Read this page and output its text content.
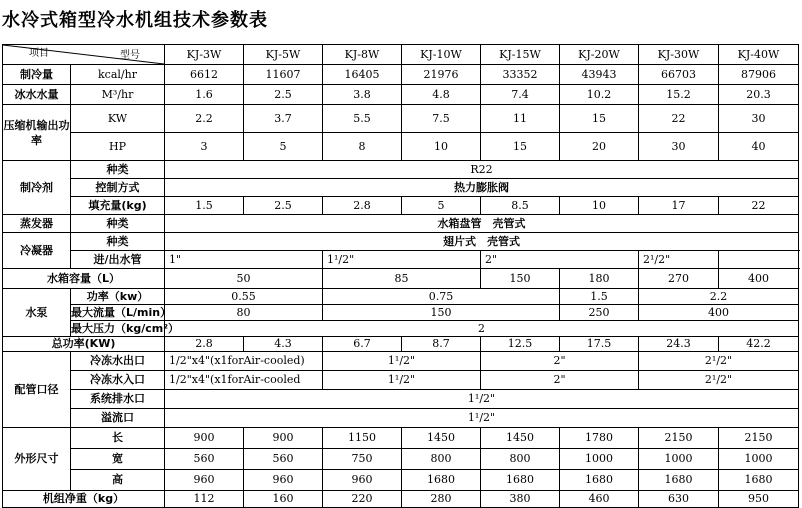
水冷式箱型冷水机组技术参数表
项目 型号		KJ-3W	KJ-5W	KJ-8W	KJ-10W	KJ-15W	KJ-20W	KJ-30W	KJ-40W	
制冷量	kcal/hr	6612	11607	16405	21976	33352	43943	66703	87906	
冰水水量	M³/hr	1.6	2.5	3.8	4.8	7.4	10.2	15.2	20.3	
压缩机输出功率	KW	2.2	3.7	5.5	7.5	11	15	22	30	
	HP	3	5	8	10	15	20	30	40	
制冷剂	种类	R22								
	控制方式	热力膨胀阀								
	填充量(kg)	1.5	2.5	2.8	5	8.5	10	17	22	
蒸发器	种类	水箱盘管　壳管式								
冷凝器	种类	翅片式　壳管式								
	进/出水管	1"		1¹/2"		2"		2¹/2"		
水箱容量（L）		50		85		150	180	270	400	
水泵	功率（kw）	0.55		0.75			1.5	2.2	
	最大流量（L/min）	80		150			250	400	
	最大压力（kg/cm²）	2								
总功率(KW)		2.8	4.3	6.7	8.7	12.5	17.5	24.3	42.2	
配管口径	冷冻水出口	1/2"x4"(x1forAir-cooled)		1¹/2"		2"		2¹/2"		
	冷冻水入口	1/2"x4"(x1forAir-cooled		1¹/2"		2"		2¹/2"		
	系统排水口	1¹/2"								
	溢流口	1¹/2"								
外形尺寸	长	900	900	1150	1450	1450	1780	2150	2150	
	宽	560	560	750	800	800	1000	1000	1000	
	高	960	960	960	1680	1680	1680	1680	1680	
机组净重（kg）		112	160	220	280	380	460	630	950	
